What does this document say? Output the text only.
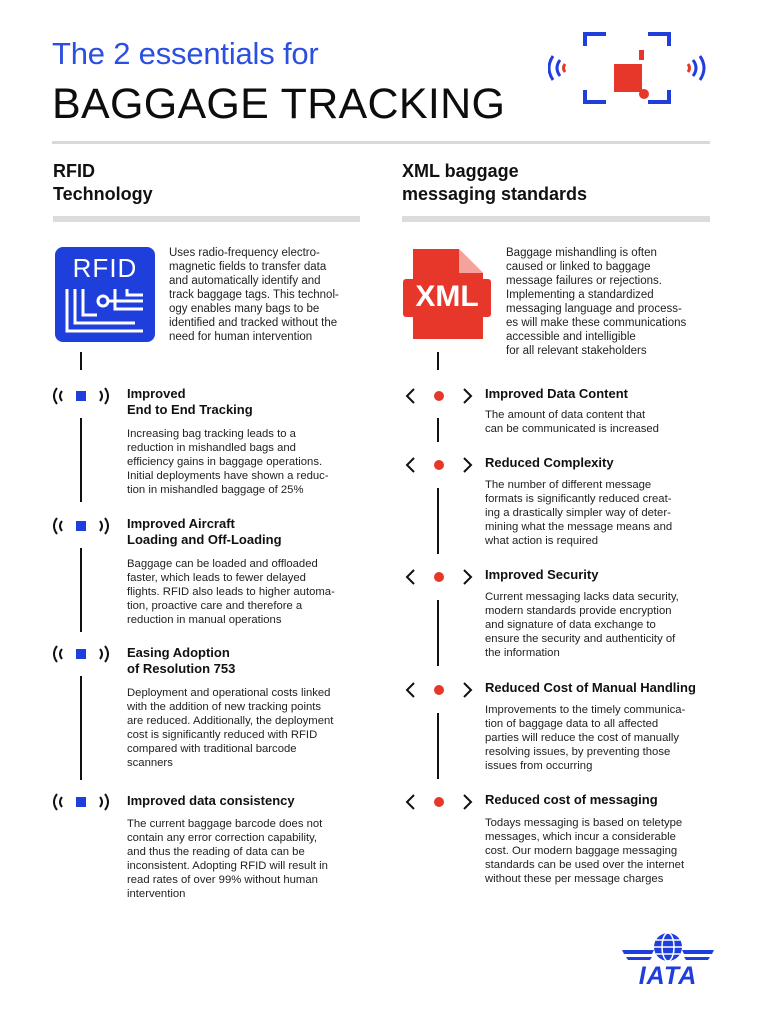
The 2 essentials for
BAGGAGE TRACKING
RFID
Technology
XML baggage
messaging standards
RFID	Uses radio-frequency electro-
magnetic fields to transfer data
and automatically identify and
track baggage tags. This technol-
ogy enables many bags to be
identified and tracked without the
need for human intervention
XML
Baggage mishandling is often
caused or linked to baggage
message failures or rejections.
Implementing a standardized
messaging language and process-
es will make these communications
accessible and intelligible
for all relevant stakeholders
Improved
End to End Tracking
Increasing bag tracking leads to a
reduction in mishandled bags and
efficiency gains in baggage operations.
Initial deployments have shown a reduc-
tion in mishandled baggage of 25%
Improved Aircraft
Loading and Off-Loading
Baggage can be loaded and offloaded
faster, which leads to fewer delayed
flights. RFID also leads to higher automa-
tion, proactive care and therefore a
reduction in manual operations
Easing Adoption
of Resolution 753
Deployment and operational costs linked
with the addition of new tracking points
are reduced. Additionally, the deployment
cost is significantly reduced with RFID
compared with traditional barcode
scanners
Improved data consistency
The current baggage barcode does not
contain any error correction capability,
and thus the reading of data can be
inconsistent. Adopting RFID will result in
read rates of over 99% without human
intervention
Improved Data Content
The amount of data content that
can be communicated is increased
Reduced Complexity
The number of different message
formats is significantly reduced creat-
ing a drastically simpler way of deter-
mining what the message means and
what action is required
Improved Security
Current messaging lacks data security,
modern standards provide encryption
and signature of data exchange to
ensure the security and authenticity of
the information
Reduced Cost of Manual Handling
Improvements to the timely communica-
tion of baggage data to all affected
parties will reduce the cost of manually
resolving issues, by preventing those
issues from occurring
Reduced cost of messaging
Todays messaging is based on teletype
messages, which incur a considerable
cost. Our modern baggage messaging
standards can be used over the internet
without these per message charges
IATA
